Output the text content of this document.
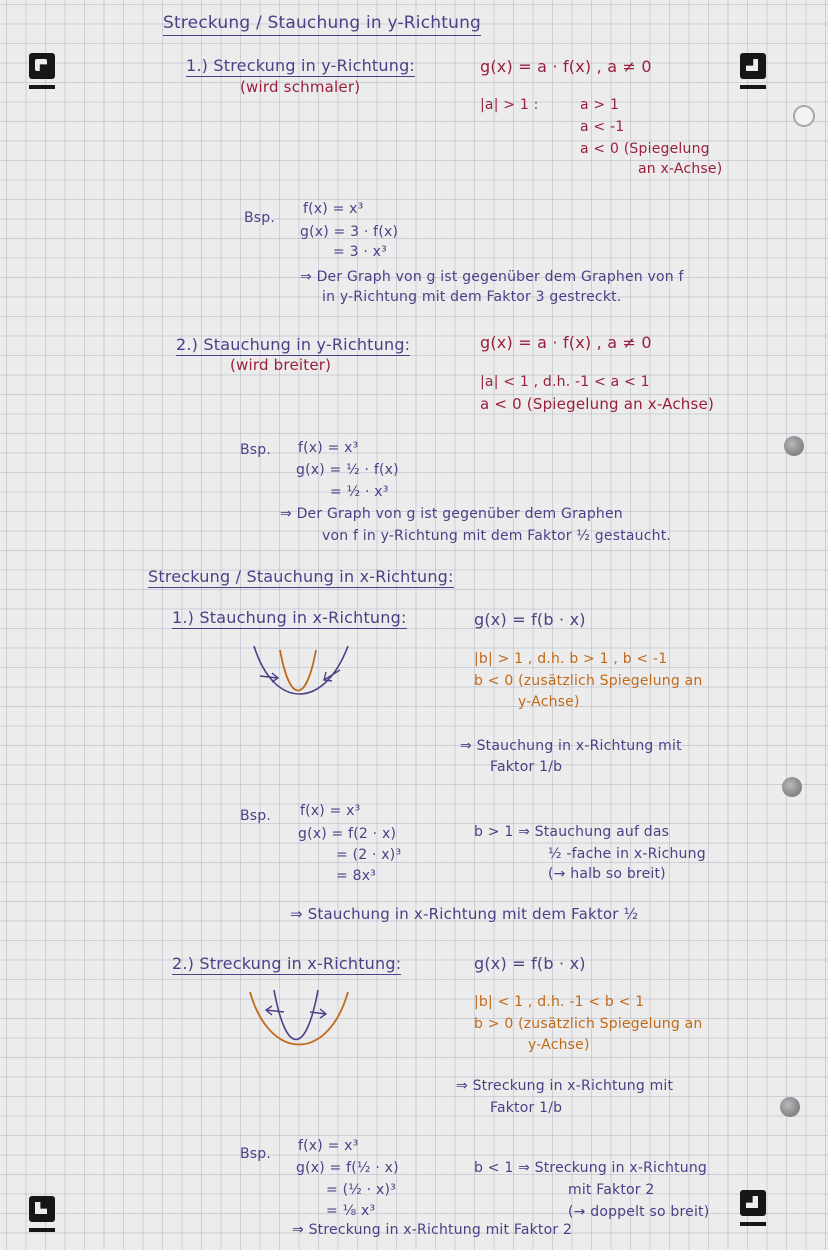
Streckung / Stauchung in y-Richtung
1.) Streckung in y-Richtung:
(wird schmaler)
g(x) = a · f(x) , a ≠ 0
|a| > 1 :	a > 1
a < -1
a < 0 (Spiegelung
an x-Achse)
Bsp.
f(x) = x³
g(x) = 3 · f(x)
= 3 · x³
⇒ Der Graph von g ist gegenüber dem Graphen von f
in y-Richtung mit dem Faktor 3 gestreckt.
2.) Stauchung in y-Richtung:
(wird breiter)
g(x) = a · f(x) , a ≠ 0
|a| < 1 , d.h. -1 < a < 1
a < 0 (Spiegelung an x-Achse)
Bsp. f(x) = x³
g(x) = ½ · f(x)
= ½ · x³
⇒ Der Graph von g ist gegenüber dem Graphen
von f in y-Richtung mit dem Faktor ½ gestaucht.
Streckung / Stauchung in x-Richtung:
1.) Stauchung in x-Richtung:	g(x) = f(b · x)
|b| > 1 , d.h. b > 1 , b < -1
b < 0 (zusätzlich Spiegelung an
y-Achse)
⇒ Stauchung in x-Richtung mit
Faktor 1/b
Bsp. f(x) = x³
g(x) = f(2 · x)
= (2 · x)³
= 8x³
b > 1 ⇒ Stauchung auf das
½ -fache in x-Richung
(→ halb so breit)
⇒ Stauchung in x-Richtung mit dem Faktor ½
2.) Streckung in x-Richtung:	g(x) = f(b · x)
|b| < 1 , d.h. -1 < b < 1
b > 0 (zusätzlich Spiegelung an
y-Achse)
⇒ Streckung in x-Richtung mit
Faktor 1/b
Bsp. f(x) = x³
g(x) = f(½ · x)
= (½ · x)³
= ⅛ x³
b < 1 ⇒ Streckung in x-Richtung
mit Faktor 2
(→ doppelt so breit)
⇒ Streckung in x-Richtung mit Faktor 2
